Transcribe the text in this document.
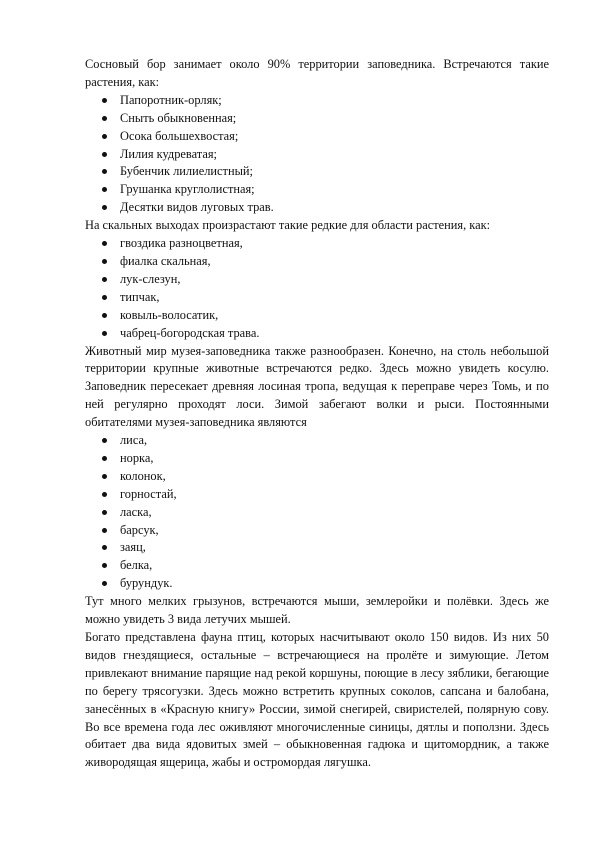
Сосновый бор занимает около 90% территории заповедника. Встречаются такие растения, как:

Папоротник-орляк;
Сныть обыкновенная;
Осока большехвостая;
Лилия кудреватая;
Бубенчик лилиелистный;
Грушанка круглолистная;
Десятки видов луговых трав.

На скальных выходах произрастают такие редкие для области растения, как:

гвоздика разноцветная,
фиалка скальная,
лук-слезун,
типчак,
ковыль-волосатик,
чабрец-богородская трава.

Животный мир музея-заповедника также разнообразен. Конечно, на столь небольшой территории крупные животные встречаются редко. Здесь можно увидеть косулю. Заповедник пересекает древняя лосиная тропа, ведущая к переправе через Томь, и по ней регулярно проходят лоси. Зимой забегают волки и рыси. Постоянными обитателями музея-заповедника являются

лиса,
норка,
колонок,
горностай,
ласка,
барсук,
заяц,
белка,
бурундук.

Тут много мелких грызунов, встречаются мыши, землеройки и полёвки. Здесь же можно увидеть 3 вида летучих мышей.

Богато представлена фауна птиц, которых насчитывают около 150 видов. Из них 50 видов гнездящиеся, остальные – встречающиеся на пролёте и зимующие. Летом привлекают внимание парящие над рекой коршуны, поющие в лесу зяблики, бегающие по берегу трясогузки. Здесь можно встретить крупных соколов, сапсана и балобана, занесённых в «Красную книгу» России, зимой снегирей, свиристелей, полярную сову. Во все времена года лес оживляют многочисленные синицы, дятлы и поползни. Здесь обитает два вида ядовитых змей – обыкновенная гадюка и щитомордник, а также живородящая ящерица, жабы и остромордая лягушка.
